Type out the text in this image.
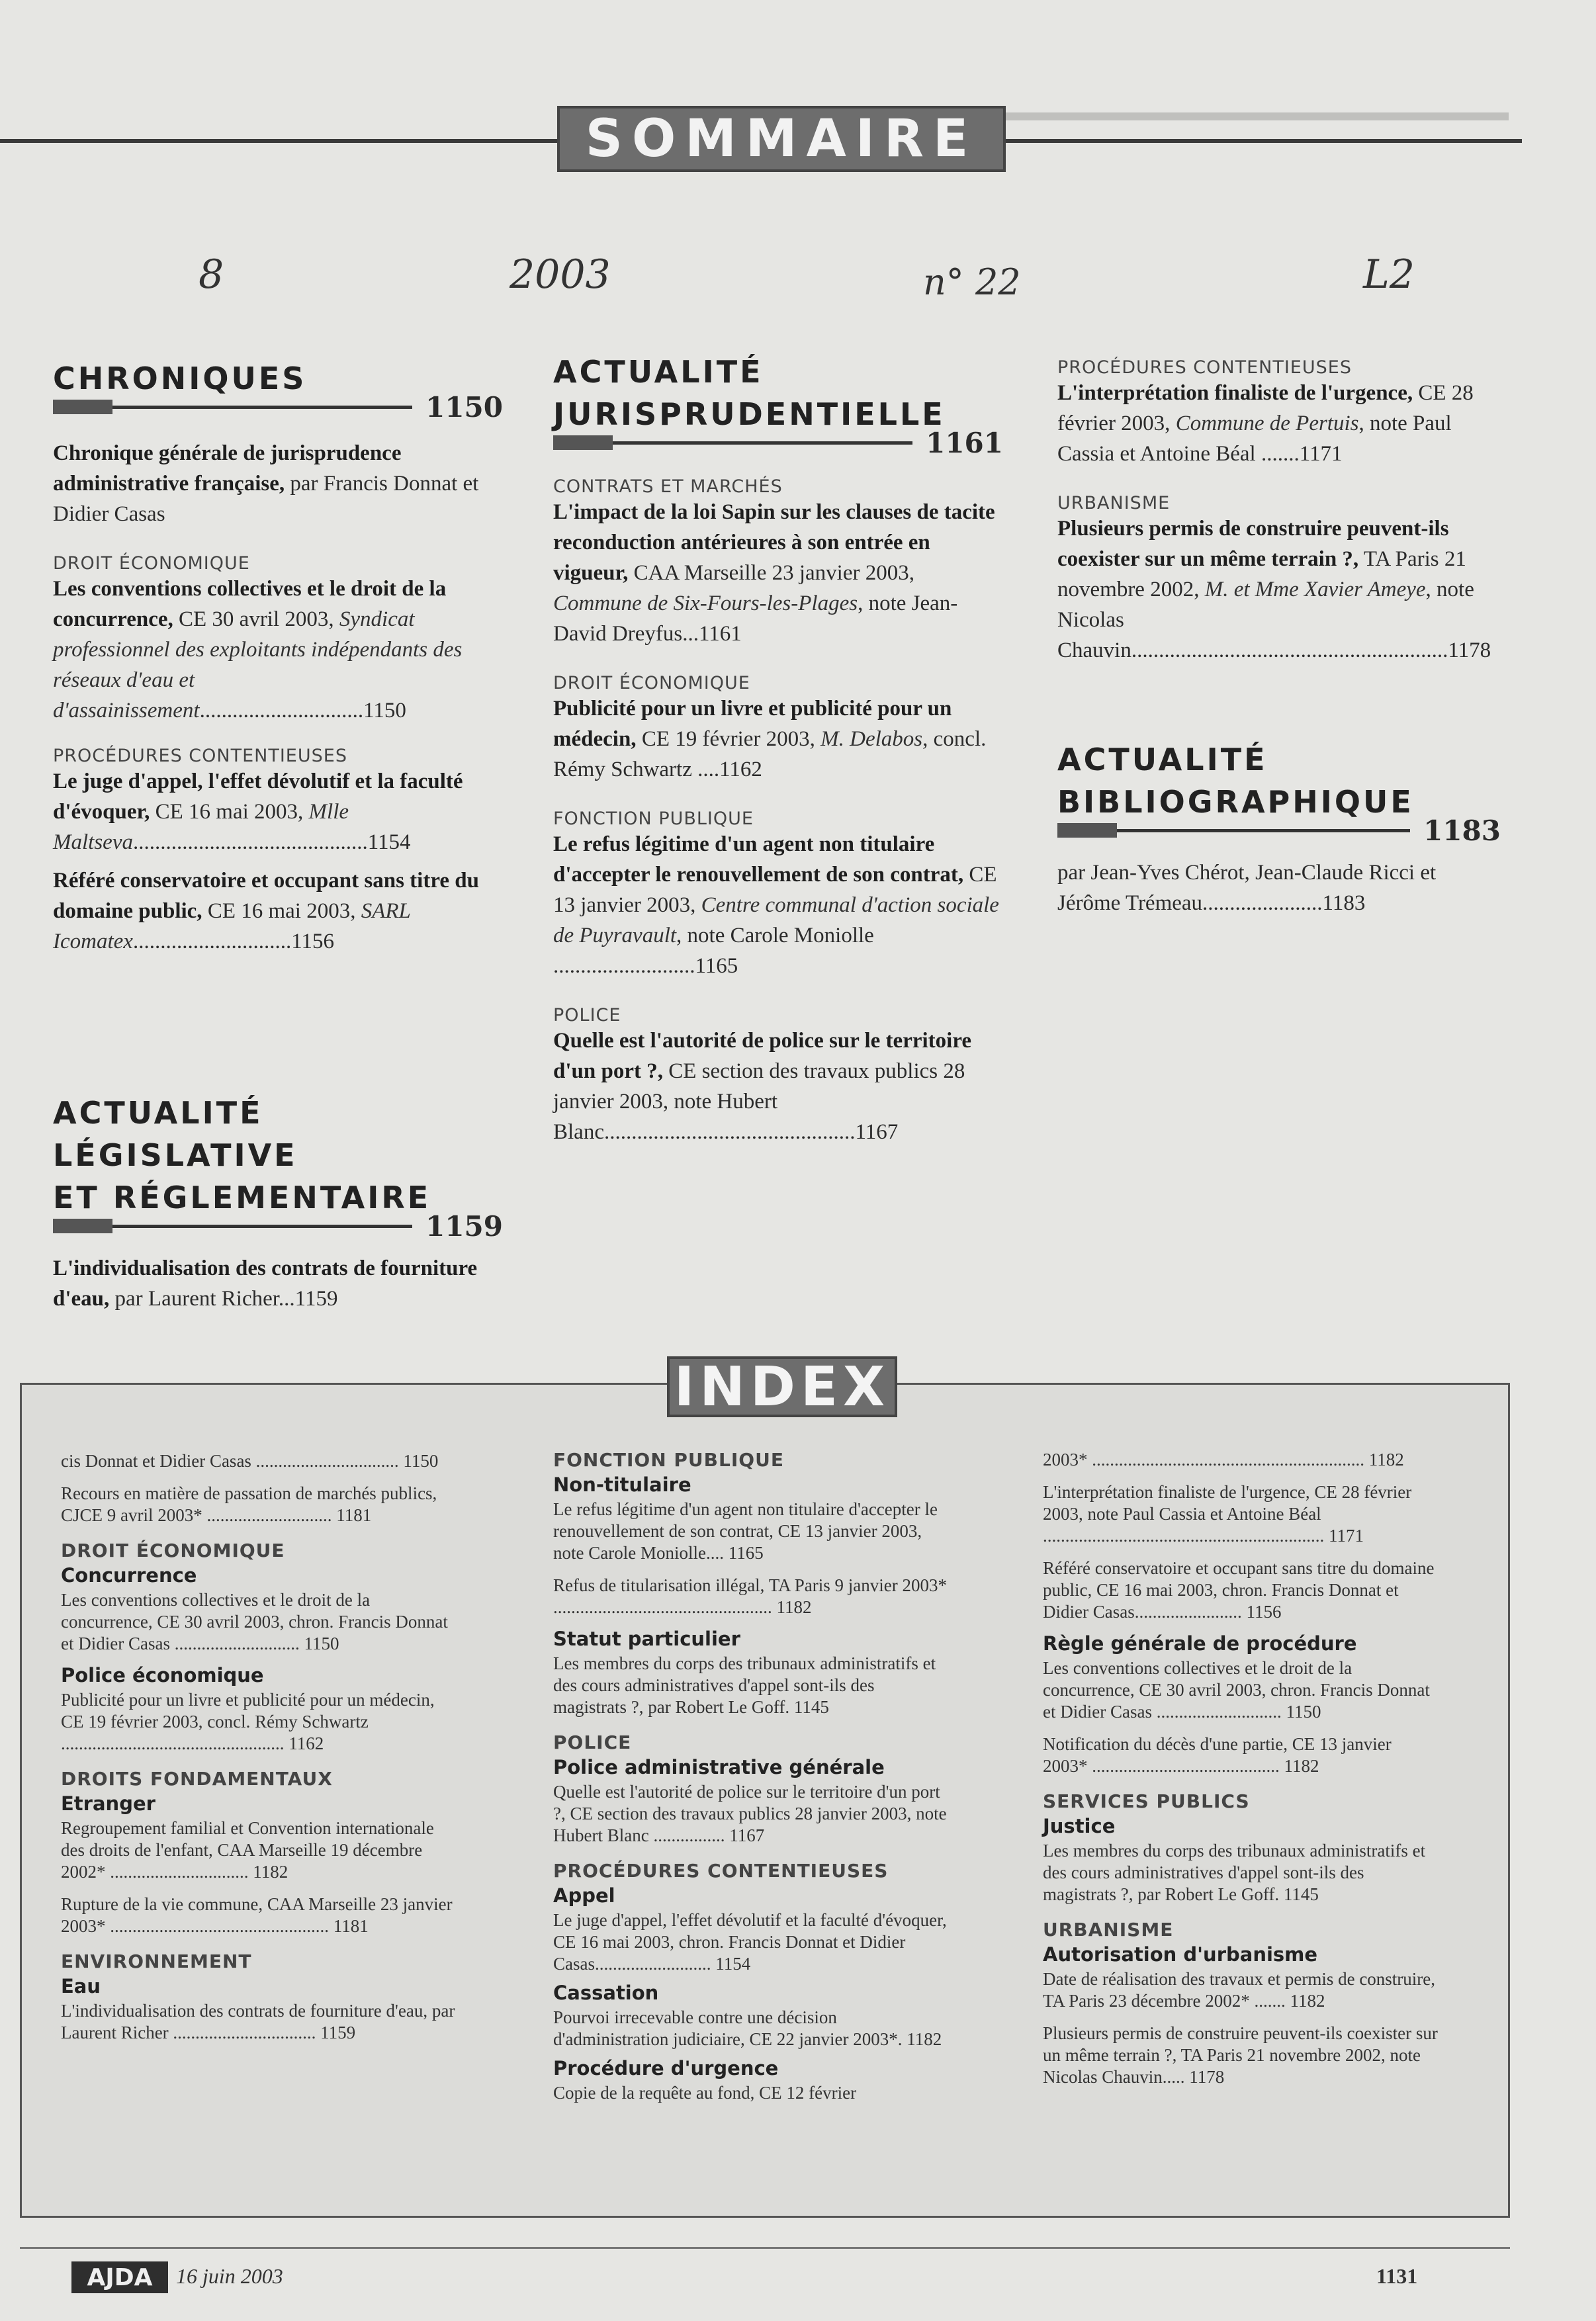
SOMMAIRE
8	2003	n° 22	L2
CHRONIQUES
1150

Chronique générale de jurisprudence administrative française, par Francis Donnat et Didier Casas

DROIT ÉCONOMIQUE

Les conventions collectives et le droit de la concurrence, CE 30 avril 2003, Syndicat professionnel des exploitants indépendants des réseaux d'eau et d'assainissement..............................1150

PROCÉDURES CONTENTIEUSES

Le juge d'appel, l'effet dévolutif et la faculté d'évoquer, CE 16 mai 2003, Mlle Maltseva...........................................1154

Référé conservatoire et occupant sans titre du domaine public, CE 16 mai 2003, SARL Icomatex.............................1156

ACTUALITÉ LÉGISLATIVE
ET RÉGLEMENTAIRE
1159

L'individualisation des contrats de fourniture d'eau, par Laurent Richer...1159

ACTUALITÉ
JURISPRUDENTIELLE
1161

CONTRATS ET MARCHÉS

L'impact de la loi Sapin sur les clauses de tacite reconduction antérieures à son entrée en vigueur, CAA Marseille 23 janvier 2003, Commune de Six-Fours-les-Plages, note Jean-David Dreyfus...1161

DROIT ÉCONOMIQUE

Publicité pour un livre et publicité pour un médecin, CE 19 février 2003, M. Delabos, concl. Rémy Schwartz ....1162

FONCTION PUBLIQUE

Le refus légitime d'un agent non titulaire d'accepter le renouvellement de son contrat, CE 13 janvier 2003, Centre communal d'action sociale de Puyravault, note Carole Moniolle ..........................1165

POLICE

Quelle est l'autorité de police sur le territoire d'un port ?, CE section des travaux publics 28 janvier 2003, note Hubert Blanc..............................................1167

PROCÉDURES CONTENTIEUSES

L'interprétation finaliste de l'urgence, CE 28 février 2003, Commune de Pertuis, note Paul Cassia et Antoine Béal .......1171

URBANISME

Plusieurs permis de construire peuvent-ils coexister sur un même terrain ?, TA Paris 21 novembre 2002, M. et Mme Xavier Ameye, note Nicolas Chauvin..........................................................1178

ACTUALITÉ
BIBLIOGRAPHIQUE
1183

par Jean-Yves Chérot, Jean-Claude Ricci et Jérôme Trémeau......................1183

INDEX

cis Donnat et Didier Casas ................................ 1150

Recours en matière de passation de marchés publics, CJCE 9 avril 2003* ............................ 1181

DROIT ÉCONOMIQUE

Concurrence

Les conventions collectives et le droit de la concurrence, CE 30 avril 2003, chron. Francis Donnat et Didier Casas ............................ 1150

Police économique

Publicité pour un livre et publicité pour un médecin, CE 19 février 2003, concl. Rémy Schwartz .................................................. 1162

DROITS FONDAMENTAUX

Etranger

Regroupement familial et Convention internationale des droits de l'enfant, CAA Marseille 19 décembre 2002* ............................... 1182

Rupture de la vie commune, CAA Marseille 23 janvier 2003* ................................................. 1181

ENVIRONNEMENT

Eau

L'individualisation des contrats de fourniture d'eau, par Laurent Richer ................................ 1159

FONCTION PUBLIQUE

Non-titulaire

Le refus légitime d'un agent non titulaire d'accepter le renouvellement de son contrat, CE 13 janvier 2003, note Carole Moniolle.... 1165

Refus de titularisation illégal, TA Paris 9 janvier 2003* ................................................. 1182

Statut particulier

Les membres du corps des tribunaux administratifs et des cours administratives d'appel sont-ils des magistrats ?, par Robert Le Goff. 1145

POLICE

Police administrative générale

Quelle est l'autorité de police sur le territoire d'un port ?, CE section des travaux publics 28 janvier 2003, note Hubert Blanc ................ 1167

PROCÉDURES CONTENTIEUSES

Appel

Le juge d'appel, l'effet dévolutif et la faculté d'évoquer, CE 16 mai 2003, chron. Francis Donnat et Didier Casas.......................... 1154

Cassation

Pourvoi irrecevable contre une décision d'administration judiciaire, CE 22 janvier 2003*. 1182

Procédure d'urgence

Copie de la requête au fond, CE 12 février

2003* ............................................................. 1182

L'interprétation finaliste de l'urgence, CE 28 février 2003, note Paul Cassia et Antoine Béal ............................................................... 1171

Référé conservatoire et occupant sans titre du domaine public, CE 16 mai 2003, chron. Francis Donnat et Didier Casas........................ 1156

Règle générale de procédure

Les conventions collectives et le droit de la concurrence, CE 30 avril 2003, chron. Francis Donnat et Didier Casas ............................ 1150

Notification du décès d'une partie, CE 13 janvier 2003* .......................................... 1182

SERVICES PUBLICS

Justice

Les membres du corps des tribunaux administratifs et des cours administratives d'appel sont-ils des magistrats ?, par Robert Le Goff. 1145

URBANISME

Autorisation d'urbanisme

Date de réalisation des travaux et permis de construire, TA Paris 23 décembre 2002* ....... 1182

Plusieurs permis de construire peuvent-ils coexister sur un même terrain ?, TA Paris 21 novembre 2002, note Nicolas Chauvin..... 1178

AJDA	16 juin 2003	1131
